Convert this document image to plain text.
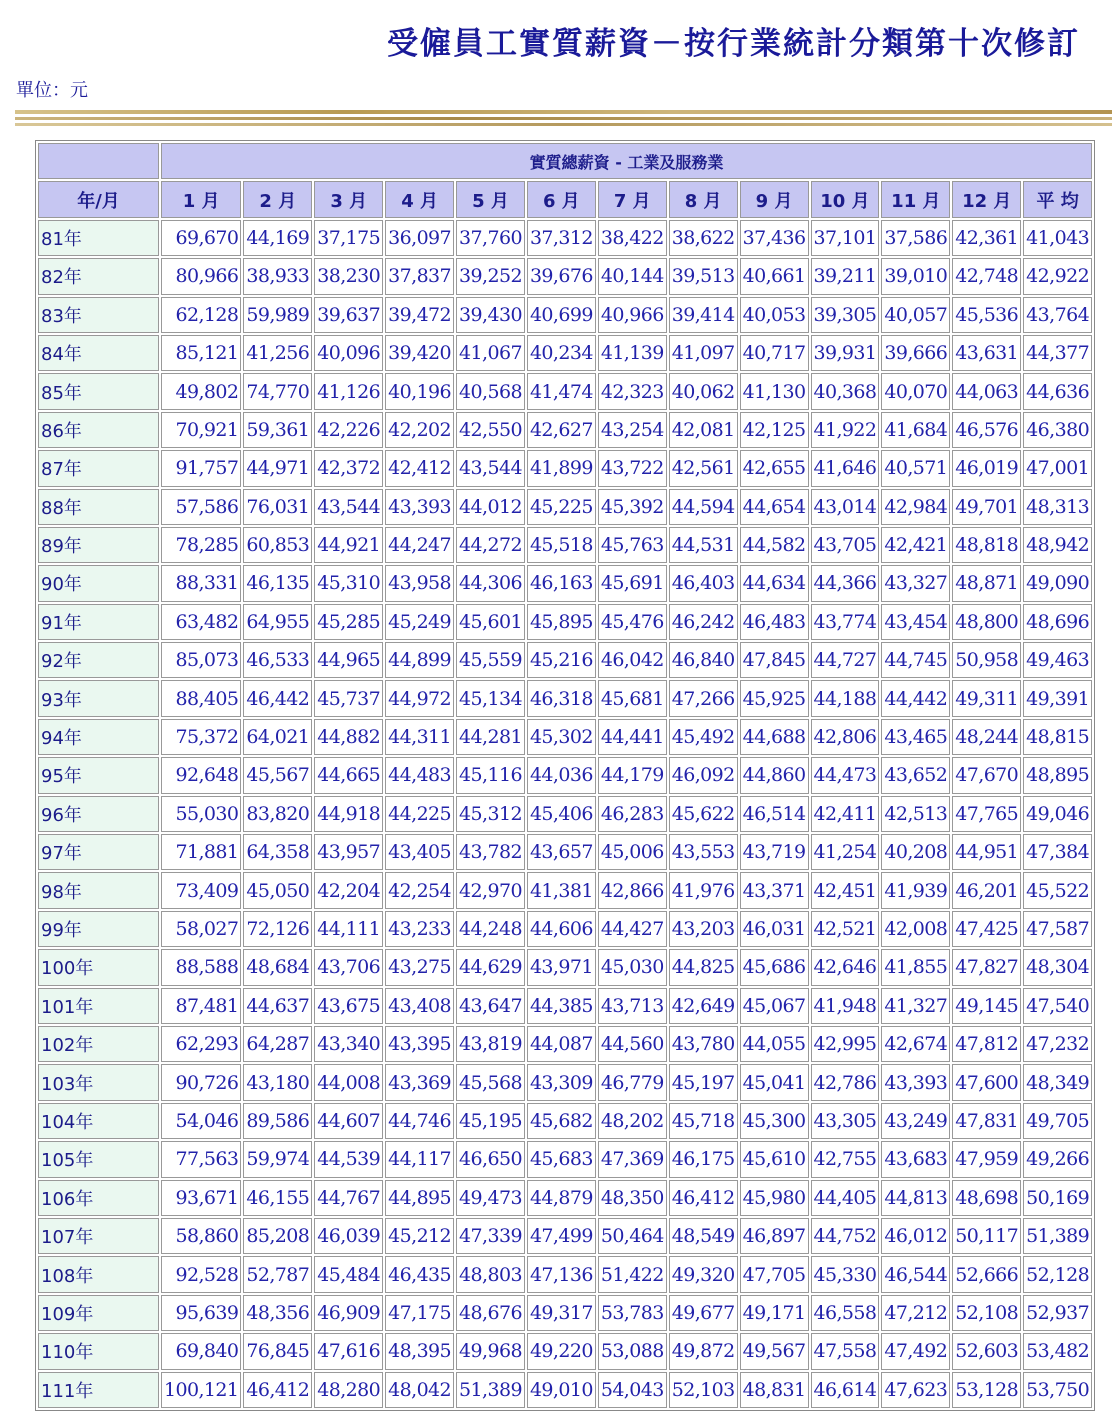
受僱員工實質薪資－按行業統計分類第十次修訂
單位：元
	實質總薪資 - 工業及服務業												
年/月	1 月	2 月	3 月	4 月	5 月	6 月	7 月	8 月	9 月	10 月	11 月	12 月	平 均
81年	69,670	44,169	37,175	36,097	37,760	37,312	38,422	38,622	37,436	37,101	37,586	42,361	41,043
82年	80,966	38,933	38,230	37,837	39,252	39,676	40,144	39,513	40,661	39,211	39,010	42,748	42,922
83年	62,128	59,989	39,637	39,472	39,430	40,699	40,966	39,414	40,053	39,305	40,057	45,536	43,764
84年	85,121	41,256	40,096	39,420	41,067	40,234	41,139	41,097	40,717	39,931	39,666	43,631	44,377
85年	49,802	74,770	41,126	40,196	40,568	41,474	42,323	40,062	41,130	40,368	40,070	44,063	44,636
86年	70,921	59,361	42,226	42,202	42,550	42,627	43,254	42,081	42,125	41,922	41,684	46,576	46,380
87年	91,757	44,971	42,372	42,412	43,544	41,899	43,722	42,561	42,655	41,646	40,571	46,019	47,001
88年	57,586	76,031	43,544	43,393	44,012	45,225	45,392	44,594	44,654	43,014	42,984	49,701	48,313
89年	78,285	60,853	44,921	44,247	44,272	45,518	45,763	44,531	44,582	43,705	42,421	48,818	48,942
90年	88,331	46,135	45,310	43,958	44,306	46,163	45,691	46,403	44,634	44,366	43,327	48,871	49,090
91年	63,482	64,955	45,285	45,249	45,601	45,895	45,476	46,242	46,483	43,774	43,454	48,800	48,696
92年	85,073	46,533	44,965	44,899	45,559	45,216	46,042	46,840	47,845	44,727	44,745	50,958	49,463
93年	88,405	46,442	45,737	44,972	45,134	46,318	45,681	47,266	45,925	44,188	44,442	49,311	49,391
94年	75,372	64,021	44,882	44,311	44,281	45,302	44,441	45,492	44,688	42,806	43,465	48,244	48,815
95年	92,648	45,567	44,665	44,483	45,116	44,036	44,179	46,092	44,860	44,473	43,652	47,670	48,895
96年	55,030	83,820	44,918	44,225	45,312	45,406	46,283	45,622	46,514	42,411	42,513	47,765	49,046
97年	71,881	64,358	43,957	43,405	43,782	43,657	45,006	43,553	43,719	41,254	40,208	44,951	47,384
98年	73,409	45,050	42,204	42,254	42,970	41,381	42,866	41,976	43,371	42,451	41,939	46,201	45,522
99年	58,027	72,126	44,111	43,233	44,248	44,606	44,427	43,203	46,031	42,521	42,008	47,425	47,587
100年	88,588	48,684	43,706	43,275	44,629	43,971	45,030	44,825	45,686	42,646	41,855	47,827	48,304
101年	87,481	44,637	43,675	43,408	43,647	44,385	43,713	42,649	45,067	41,948	41,327	49,145	47,540
102年	62,293	64,287	43,340	43,395	43,819	44,087	44,560	43,780	44,055	42,995	42,674	47,812	47,232
103年	90,726	43,180	44,008	43,369	45,568	43,309	46,779	45,197	45,041	42,786	43,393	47,600	48,349
104年	54,046	89,586	44,607	44,746	45,195	45,682	48,202	45,718	45,300	43,305	43,249	47,831	49,705
105年	77,563	59,974	44,539	44,117	46,650	45,683	47,369	46,175	45,610	42,755	43,683	47,959	49,266
106年	93,671	46,155	44,767	44,895	49,473	44,879	48,350	46,412	45,980	44,405	44,813	48,698	50,169
107年	58,860	85,208	46,039	45,212	47,339	47,499	50,464	48,549	46,897	44,752	46,012	50,117	51,389
108年	92,528	52,787	45,484	46,435	48,803	47,136	51,422	49,320	47,705	45,330	46,544	52,666	52,128
109年	95,639	48,356	46,909	47,175	48,676	49,317	53,783	49,677	49,171	46,558	47,212	52,108	52,937
110年	69,840	76,845	47,616	48,395	49,968	49,220	53,088	49,872	49,567	47,558	47,492	52,603	53,482
111年	100,121	46,412	48,280	48,042	51,389	49,010	54,043	52,103	48,831	46,614	47,623	53,128	53,750
